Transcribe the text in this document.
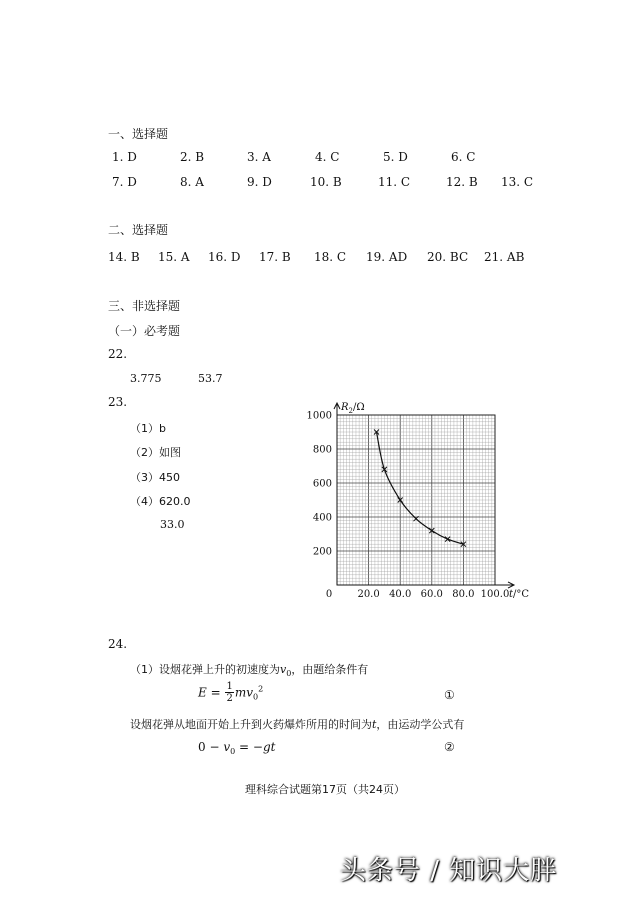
一、选择题
1. D	2. B	3. A	4. C	5. D	6. C
7. D	8. A	9. D	10. B	11. C	12. B 13. C
二、选择题
14. B 15. A 16. D 17. B 18. C 19. AD 20. BC 21. AB
三、非选择题
（一）必考题
22.
3.775	53.7
23.
（1）b
（2）如图
（3）450
（4）620.0
33.0
0	20.0 40.0 60.0 80.0 100.0
200
400
600
800
1000
$R_2/\Omega$
t/°C
24.
（1）设烟花弹上升的初速度为$v_0$，由题给条件有
$E = \frac{1}{2} mv_0^2$	①
设烟花弹从地面开始上升到火药爆炸所用的时间为t，由运动学公式有
$0 - v_0 = -gt$	②
理科综合试题第17页（共24页）
头条号 / 知识大胖
